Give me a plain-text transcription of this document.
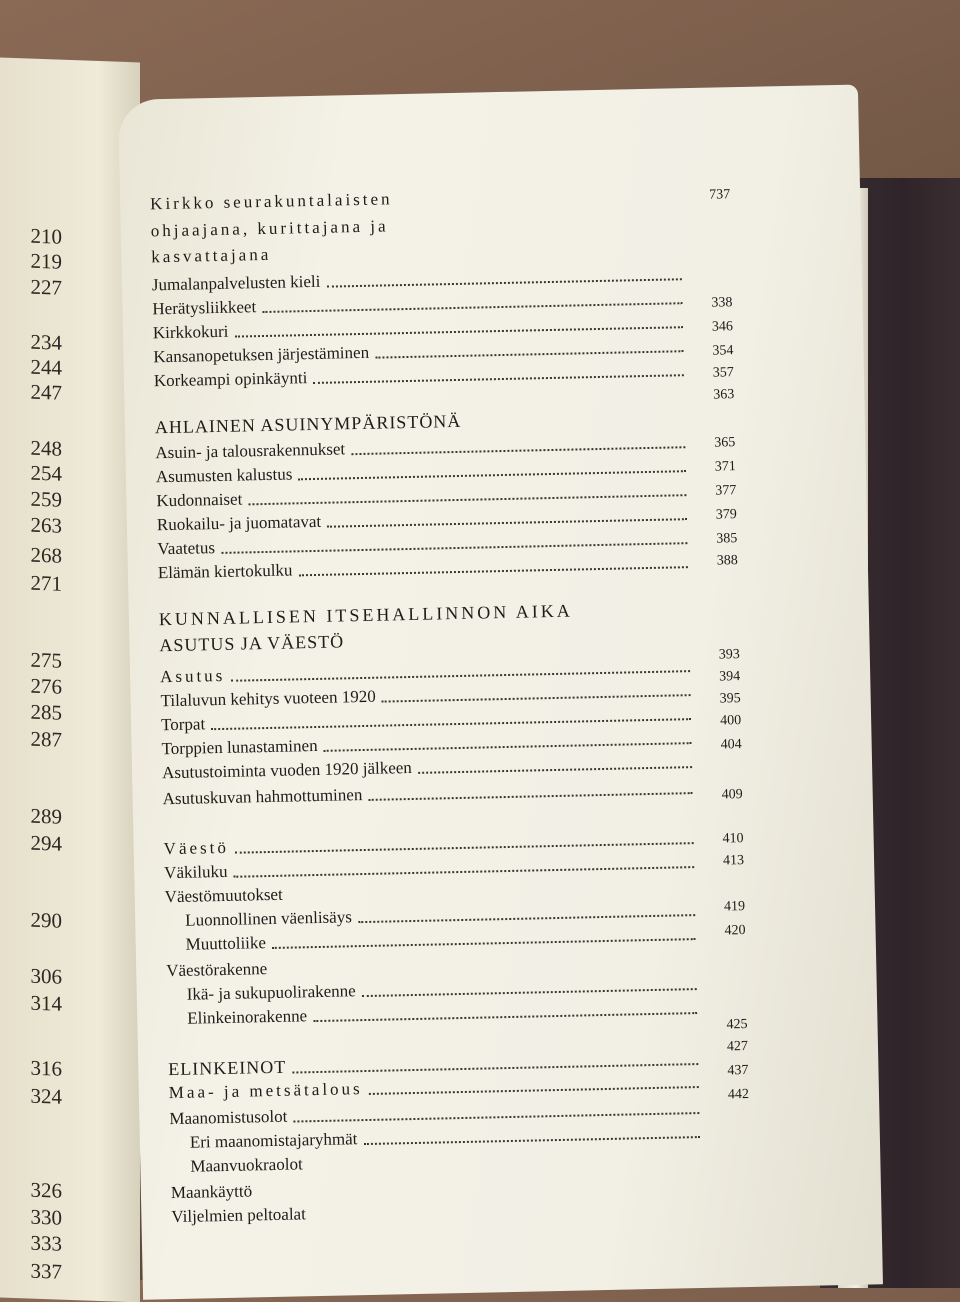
210
219
227
234
244
247
248
254
259
263
268
271
275
276
285
287
289
294
290
306
314
316
324
326
330
333
337
737
Kirkko seurakuntalaisten
ohjaajana, kurittajana ja
kasvattajana
Jumalanpalvelusten kieli
Herätysliikkeet
Kirkkokuri
Kansanopetuksen järjestäminen
Korkeampi opinkäynti
AHLAINEN ASUINYMPÄRISTÖNÄ
Asuin- ja talousrakennukset
Asumusten kalustus
Kudonnaiset
Ruokailu- ja juomatavat
Vaatetus
Elämän kiertokulku
KUNNALLISEN ITSEHALLINNON AIKA
ASUTUS JA VÄESTÖ
Asutus
Tilaluvun kehitys vuoteen 1920
Torpat
Torppien lunastaminen
Asutustoiminta vuoden 1920 jälkeen
Asutuskuvan hahmottuminen
Väestö
Väkiluku
Väestömuutokset
Luonnollinen väenlisäys
Muuttoliike
Väestörakenne
Ikä- ja sukupuolirakenne
Elinkeinorakenne
ELINKEINOT
Maa- ja metsätalous
Maanomistusolot
Eri maanomistajaryhmät
Maanvuokraolot
Maankäyttö
Viljelmien peltoalat
338
346
354
357
363
365
371
377
379
385
388
393
394
395
400
404
409
410
413
419
420
425
427
437
442
